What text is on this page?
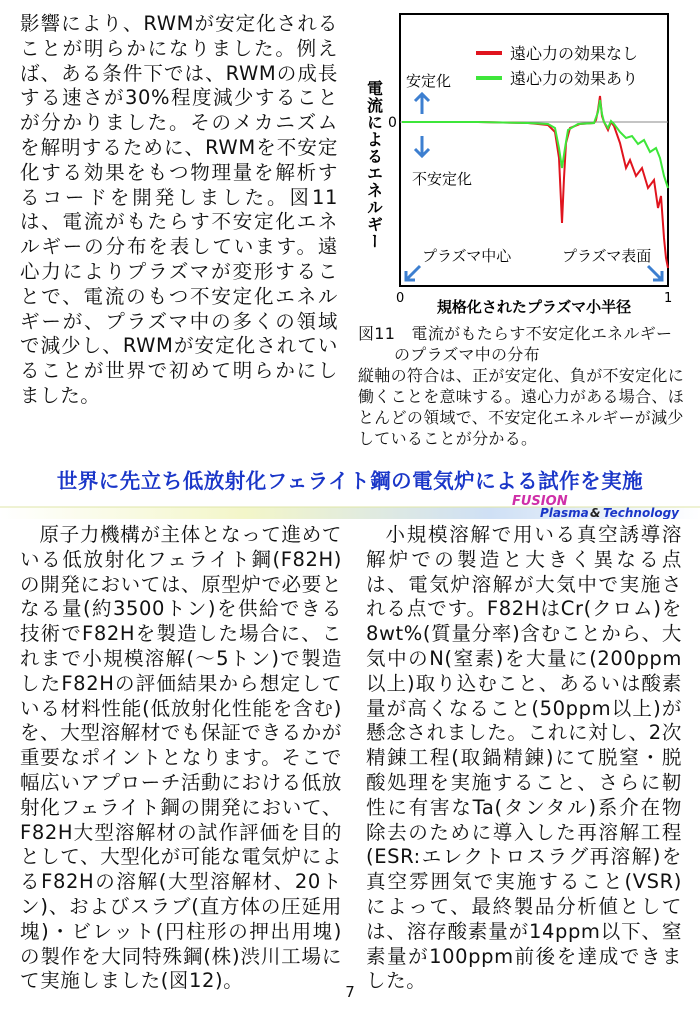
影響により、RWMが安定化されることが明らかになりました。例えば、ある条件下では、RWMの成長する速さが30%程度減少することが分かりました。そのメカニズムを解明するために、RWMを不安定化する効果をもつ物理量を解析するコードを開発しました。図11は、電流がもたらす不安定化エネルギーの分布を表しています。遠心力によりプラズマが変形することで、電流のもつ不安定化エネルギーが、プラズマ中の多くの領域で減少し、RWMが安定化されていることが世界で初めて明らかにしました。

電流によるエネルギー 0
遠心力の効果なし
遠心力の効果あり
安定化
不安定化
プラズマ中心	プラズマ表面
0	1
規格化されたプラズマ小半径

図11　電流がもたらす不安定化エネルギー

のプラズマ中の分布

縦軸の符合は、正が安定化、負が不安定化に働くことを意味する。遠心力がある場合、ほとんどの領域で、不安定化エネルギーが減少していることが分かる。

世界に先立ち低放射化フェライト鋼の電気炉による試作を実施
FUSION
Plasma & Technology

原子力機構が主体となって進めている低放射化フェライト鋼(F82H)の開発においては、原型炉で必要となる量(約3500トン)を供給できる技術でF82Hを製造した場合に、これまで小規模溶解(～5トン)で製造したF82Hの評価結果から想定している材料性能(低放射化性能を含む)を、大型溶解材でも保証できるかが重要なポイントとなります。そこで幅広いアプローチ活動における低放射化フェライト鋼の開発において、F82H大型溶解材の試作評価を目的として、大型化が可能な電気炉によるF82Hの溶解(大型溶解材、20トン)、およびスラブ(直方体の圧延用塊)・ビレット(円柱形の押出用塊)の製作を大同特殊鋼(株)渋川工場にて実施しました(図12)。

小規模溶解で用いる真空誘導溶解炉での製造と大きく異なる点は、電気炉溶解が大気中で実施される点です。F82HはCr(クロム)を8wt%(質量分率)含むことから、大気中のN(窒素)を大量に(200ppm以上)取り込むこと、あるいは酸素量が高くなること(50ppm以上)が懸念されました。これに対し、2次精錬工程(取鍋精錬)にて脱窒・脱酸処理を実施すること、さらに靭性に有害なTa(タンタル)系介在物除去のために導入した再溶解工程(ESR:エレクトロスラグ再溶解)を真空雰囲気で実施すること(VSR)によって、最終製品分析値としては、溶存酸素量が14ppm以下、窒素量が100ppm前後を達成できました。

7
